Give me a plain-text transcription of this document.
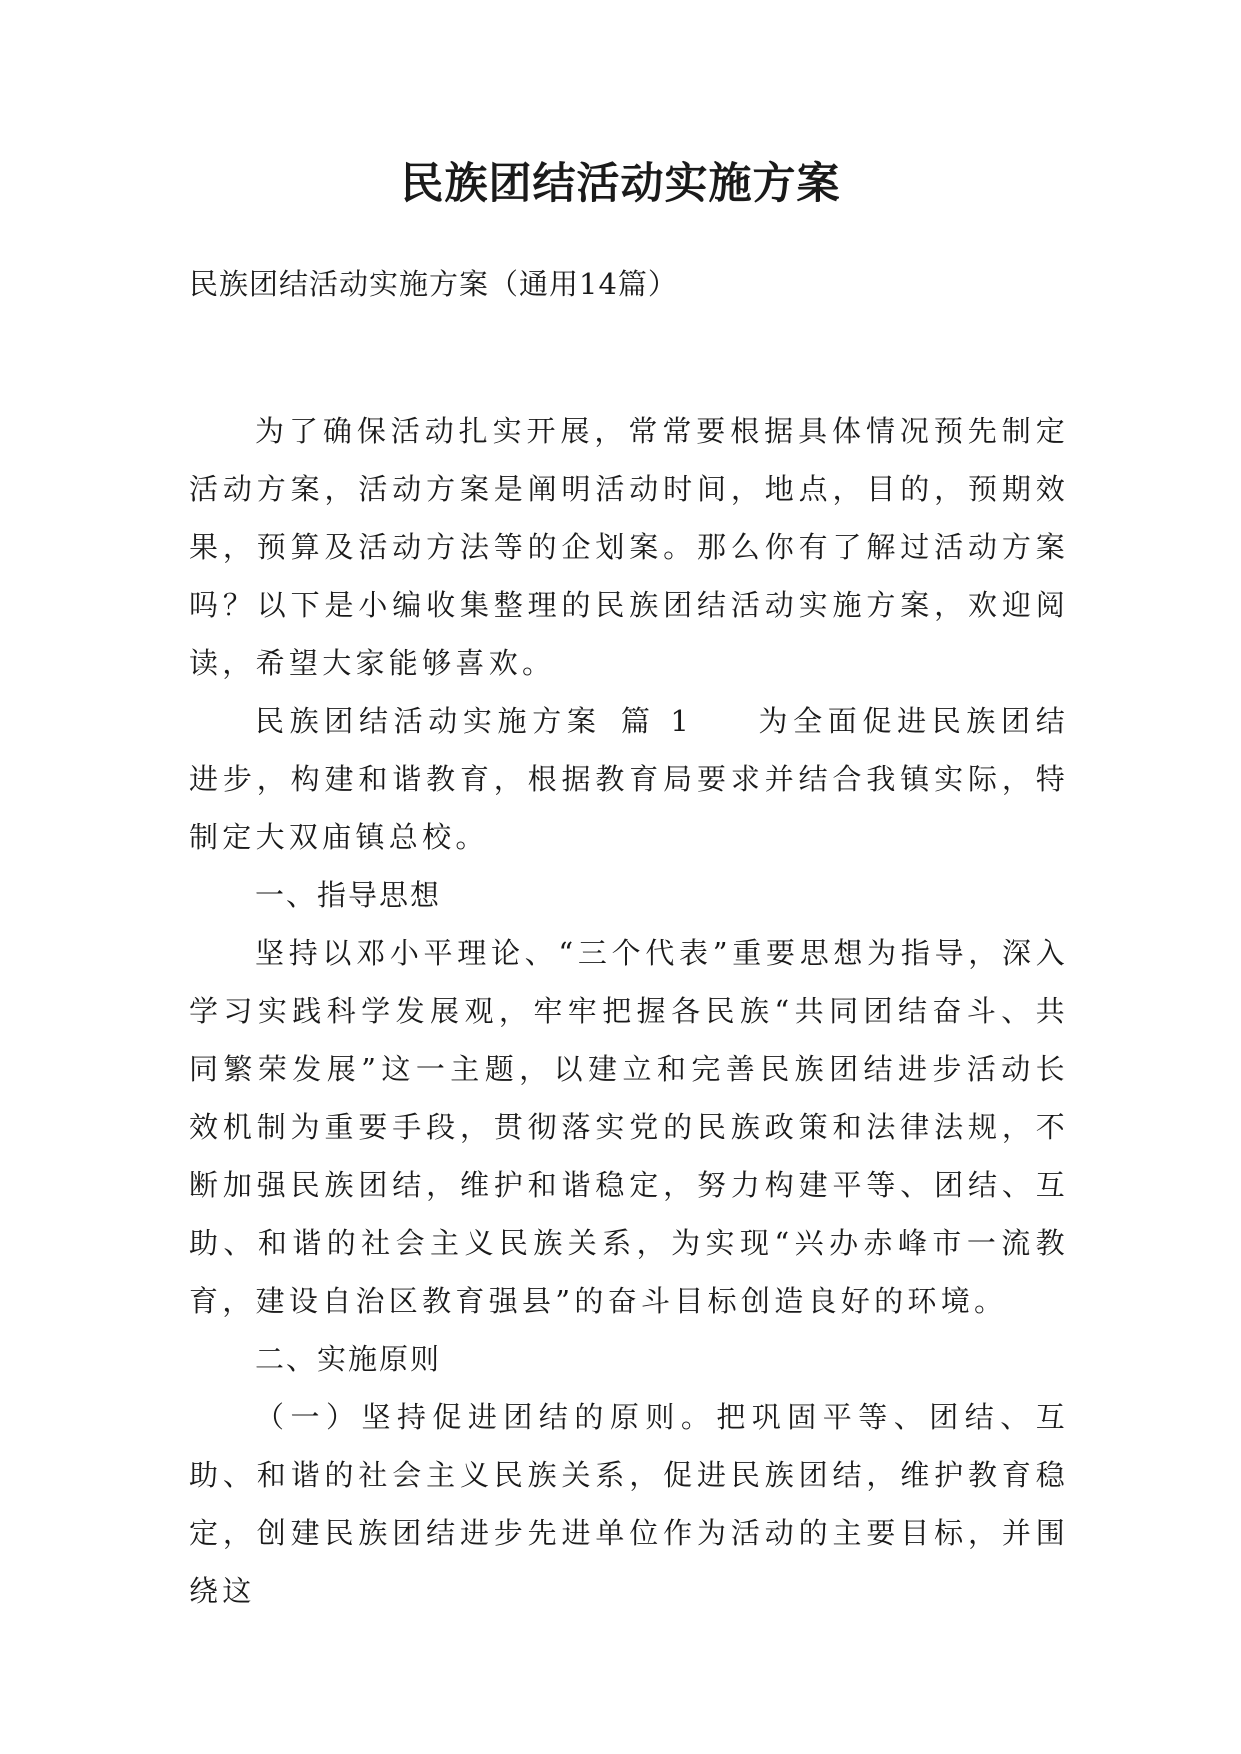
民族团结活动实施方案

民族团结活动实施方案（通用14篇）

为了确保活动扎实开展，常常要根据具体情况预先制定活动方案，活动方案是阐明活动时间，地点，目的，预期效果，预算及活动方法等的企划案。那么你有了解过活动方案吗？以下是小编收集整理的民族团结活动实施方案，欢迎阅读，希望大家能够喜欢。

民族团结活动实施方案 篇 1 为全面促进民族团结进步，构建和谐教育，根据教育局要求并结合我镇实际，特制定大双庙镇总校。

一、指导思想

坚持以邓小平理论、“三个代表”重要思想为指导，深入学习实践科学发展观，牢牢把握各民族“共同团结奋斗、共同繁荣发展”这一主题，以建立和完善民族团结进步活动长效机制为重要手段，贯彻落实党的民族政策和法律法规，不断加强民族团结，维护和谐稳定，努力构建平等、团结、互助、和谐的社会主义民族关系，为实现“兴办赤峰市一流教育，建设自治区教育强县”的奋斗目标创造良好的环境。

二、实施原则

（一）坚持促进团结的原则。把巩固平等、团结、互助、和谐的社会主义民族关系，促进民族团结，维护教育稳定，创建民族团结进步先进单位作为活动的主要目标，并围绕这
